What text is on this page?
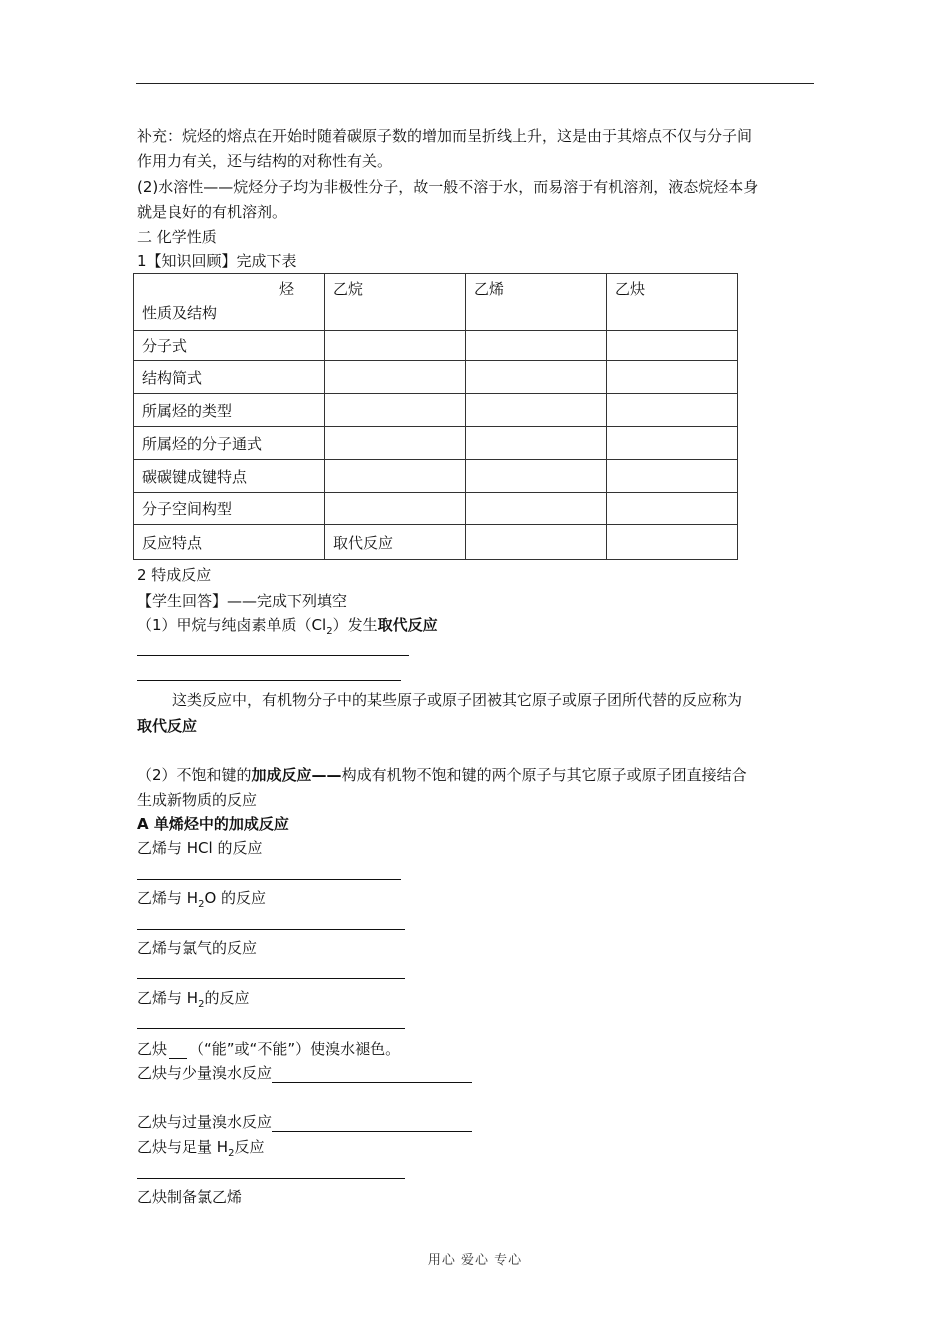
补充：烷烃的熔点在开始时随着碳原子数的增加而呈折线上升，这是由于其熔点不仅与分子间
作用力有关，还与结构的对称性有关。
(2)水溶性——烷烃分子均为非极性分子，故一般不溶于水，而易溶于有机溶剂，液态烷烃本身
就是良好的有机溶剂。
二 化学性质
1【知识回顾】完成下表
烃
性质及结构	乙烷	乙烯	乙炔
分子式			
结构简式			
所属烃的类型			
所属烃的分子通式			
碳碳键成键特点			
分子空间构型			
反应特点	取代反应		
2 特成反应
【学生回答】——完成下列填空
（1）甲烷与纯卤素单质$(Cl_2)$发生取代反应
这类反应中，有机物分子中的某些原子或原子团被其它原子或原子团所代替的反应称为
取代反应
（2）不饱和键的加成反应——构成有机物不饱和键的两个原子与其它原子或原子团直接结合
生成新物质的反应
A 单烯烃中的加成反应
乙烯与 HCl 的反应
乙烯与 $H_2O$ 的反应
乙烯与氯气的反应
乙烯与 $H_2$的反应
乙炔 （“能”或“不能”）使溴水褪色。
乙炔与少量溴水反应
乙炔与过量溴水反应
乙炔与足量 $H_2$反应
乙炔制备氯乙烯
用心 爱心 专心
